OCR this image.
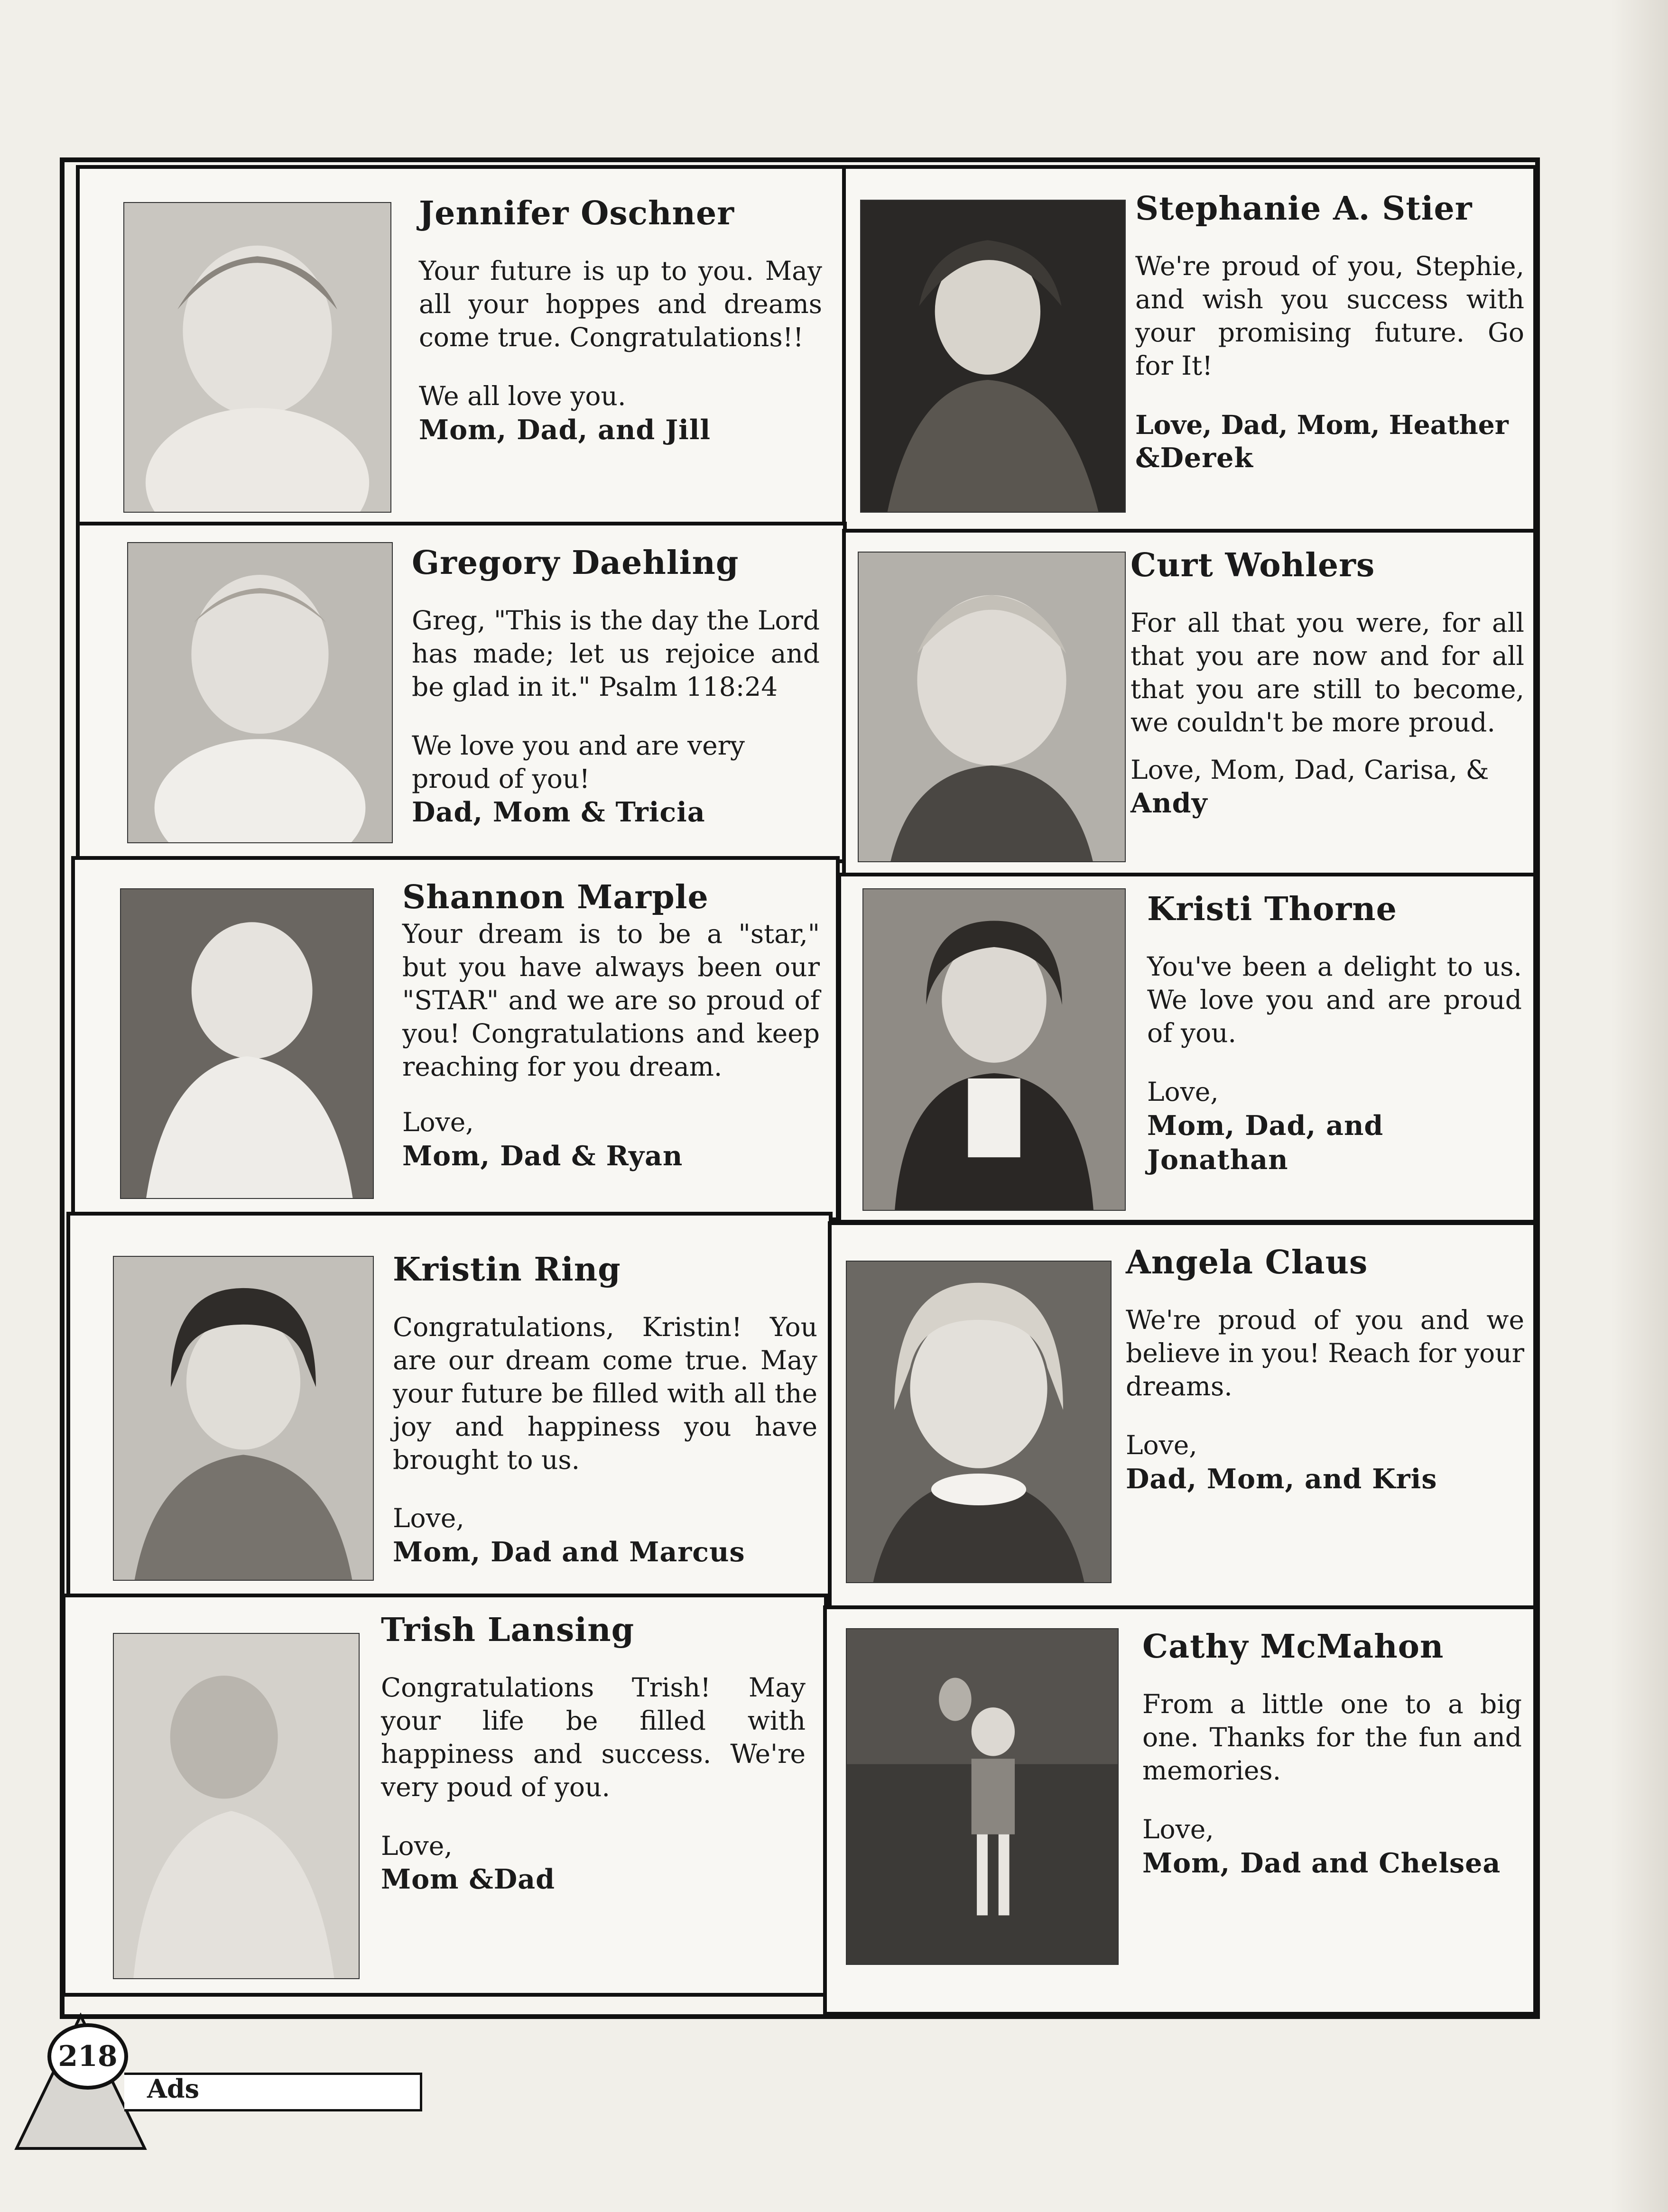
Jennifer Oschner

Your future is up to you. May all your hoppes and dreams come true. Congratulations!!

We all love you.

Mom, Dad, and Jill

Stephanie A. Stier

We're proud of you, Stephie, and wish you success with your promising future. Go for It!

Love, Dad, Mom, Heather

&Derek

Gregory Daehling

Greg, "This is the day the Lord has made; let us rejoice and be glad in it." Psalm 118:24

We love you and are very proud of you!

Dad, Mom & Tricia

Curt Wohlers

For all that you were, for all that you are now and for all that you are still to become, we couldn't be more proud.

Love, Mom, Dad, Carisa, &

Andy

Shannon Marple

Your dream is to be a "star," but you have always been our "STAR" and we are so proud of you! Congratulations and keep reaching for you dream.

Love,

Mom, Dad & Ryan

Kristi Thorne

You've been a delight to us. We love you and are proud of you.

Love,

Mom, Dad, and Jonathan

Kristin Ring

Congratulations, Kristin! You are our dream come true. May your future be filled with all the joy and happiness you have brought to us.

Love,

Mom, Dad and Marcus

Angela Claus

We're proud of you and we believe in you! Reach for your dreams.

Love,

Dad, Mom, and Kris

Trish Lansing

Congratulations Trish! May your life be filled with happiness and success. We're very poud of you.

Love,

Mom &Dad

Cathy McMahon

From a little one to a big one. Thanks for the fun and memories.

Love,

Mom, Dad and Chelsea

218
Ads
